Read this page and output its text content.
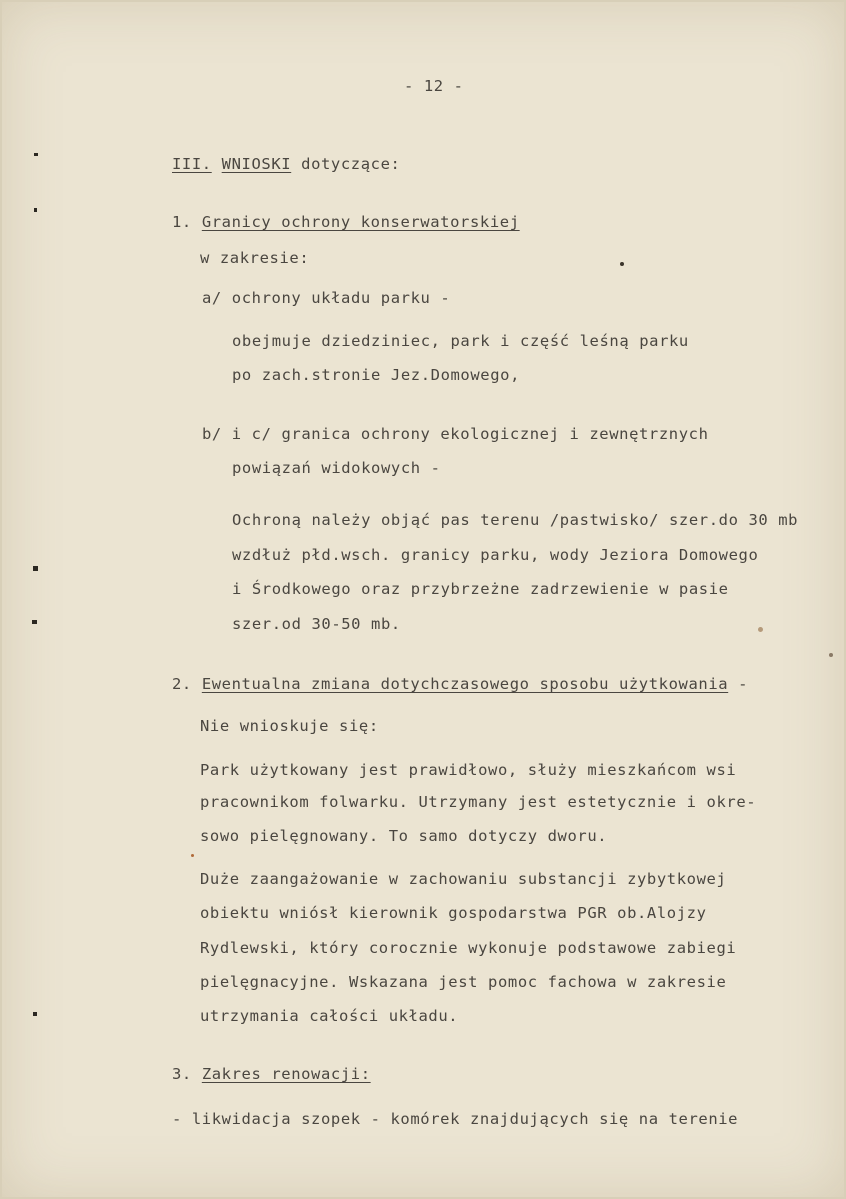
- 12 -
III. WNIOSKI dotyczące:
1. Granicy ochrony konserwatorskiej
w zakresie:
a/ ochrony układu parku -
obejmuje dziedziniec, park i część leśną parku
po zach.stronie Jez.Domowego,
b/ i c/ granica ochrony ekologicznej i zewnętrznych
powiązań widokowych -
Ochroną należy objąć pas terenu /pastwisko/ szer.do 30 mb
wzdłuż płd.wsch. granicy parku, wody Jeziora Domowego
i Środkowego oraz przybrzeżne zadrzewienie w pasie
szer.od 30-50 mb.
2. Ewentualna zmiana dotychczasowego sposobu użytkowania -
Nie wnioskuje się:
Park użytkowany jest prawidłowo, służy mieszkańcom wsi
pracownikom folwarku. Utrzymany jest estetycznie i okre-
sowo pielęgnowany. To samo dotyczy dworu.
Duże zaangażowanie w zachowaniu substancji zybytkowej
obiektu wniósł kierownik gospodarstwa PGR ob.Alojzy
Rydlewski, który corocznie wykonuje podstawowe zabiegi
pielęgnacyjne. Wskazana jest pomoc fachowa w zakresie
utrzymania całości układu.
3. Zakres renowacji:
- likwidacja szopek - komórek znajdujących się na terenie
